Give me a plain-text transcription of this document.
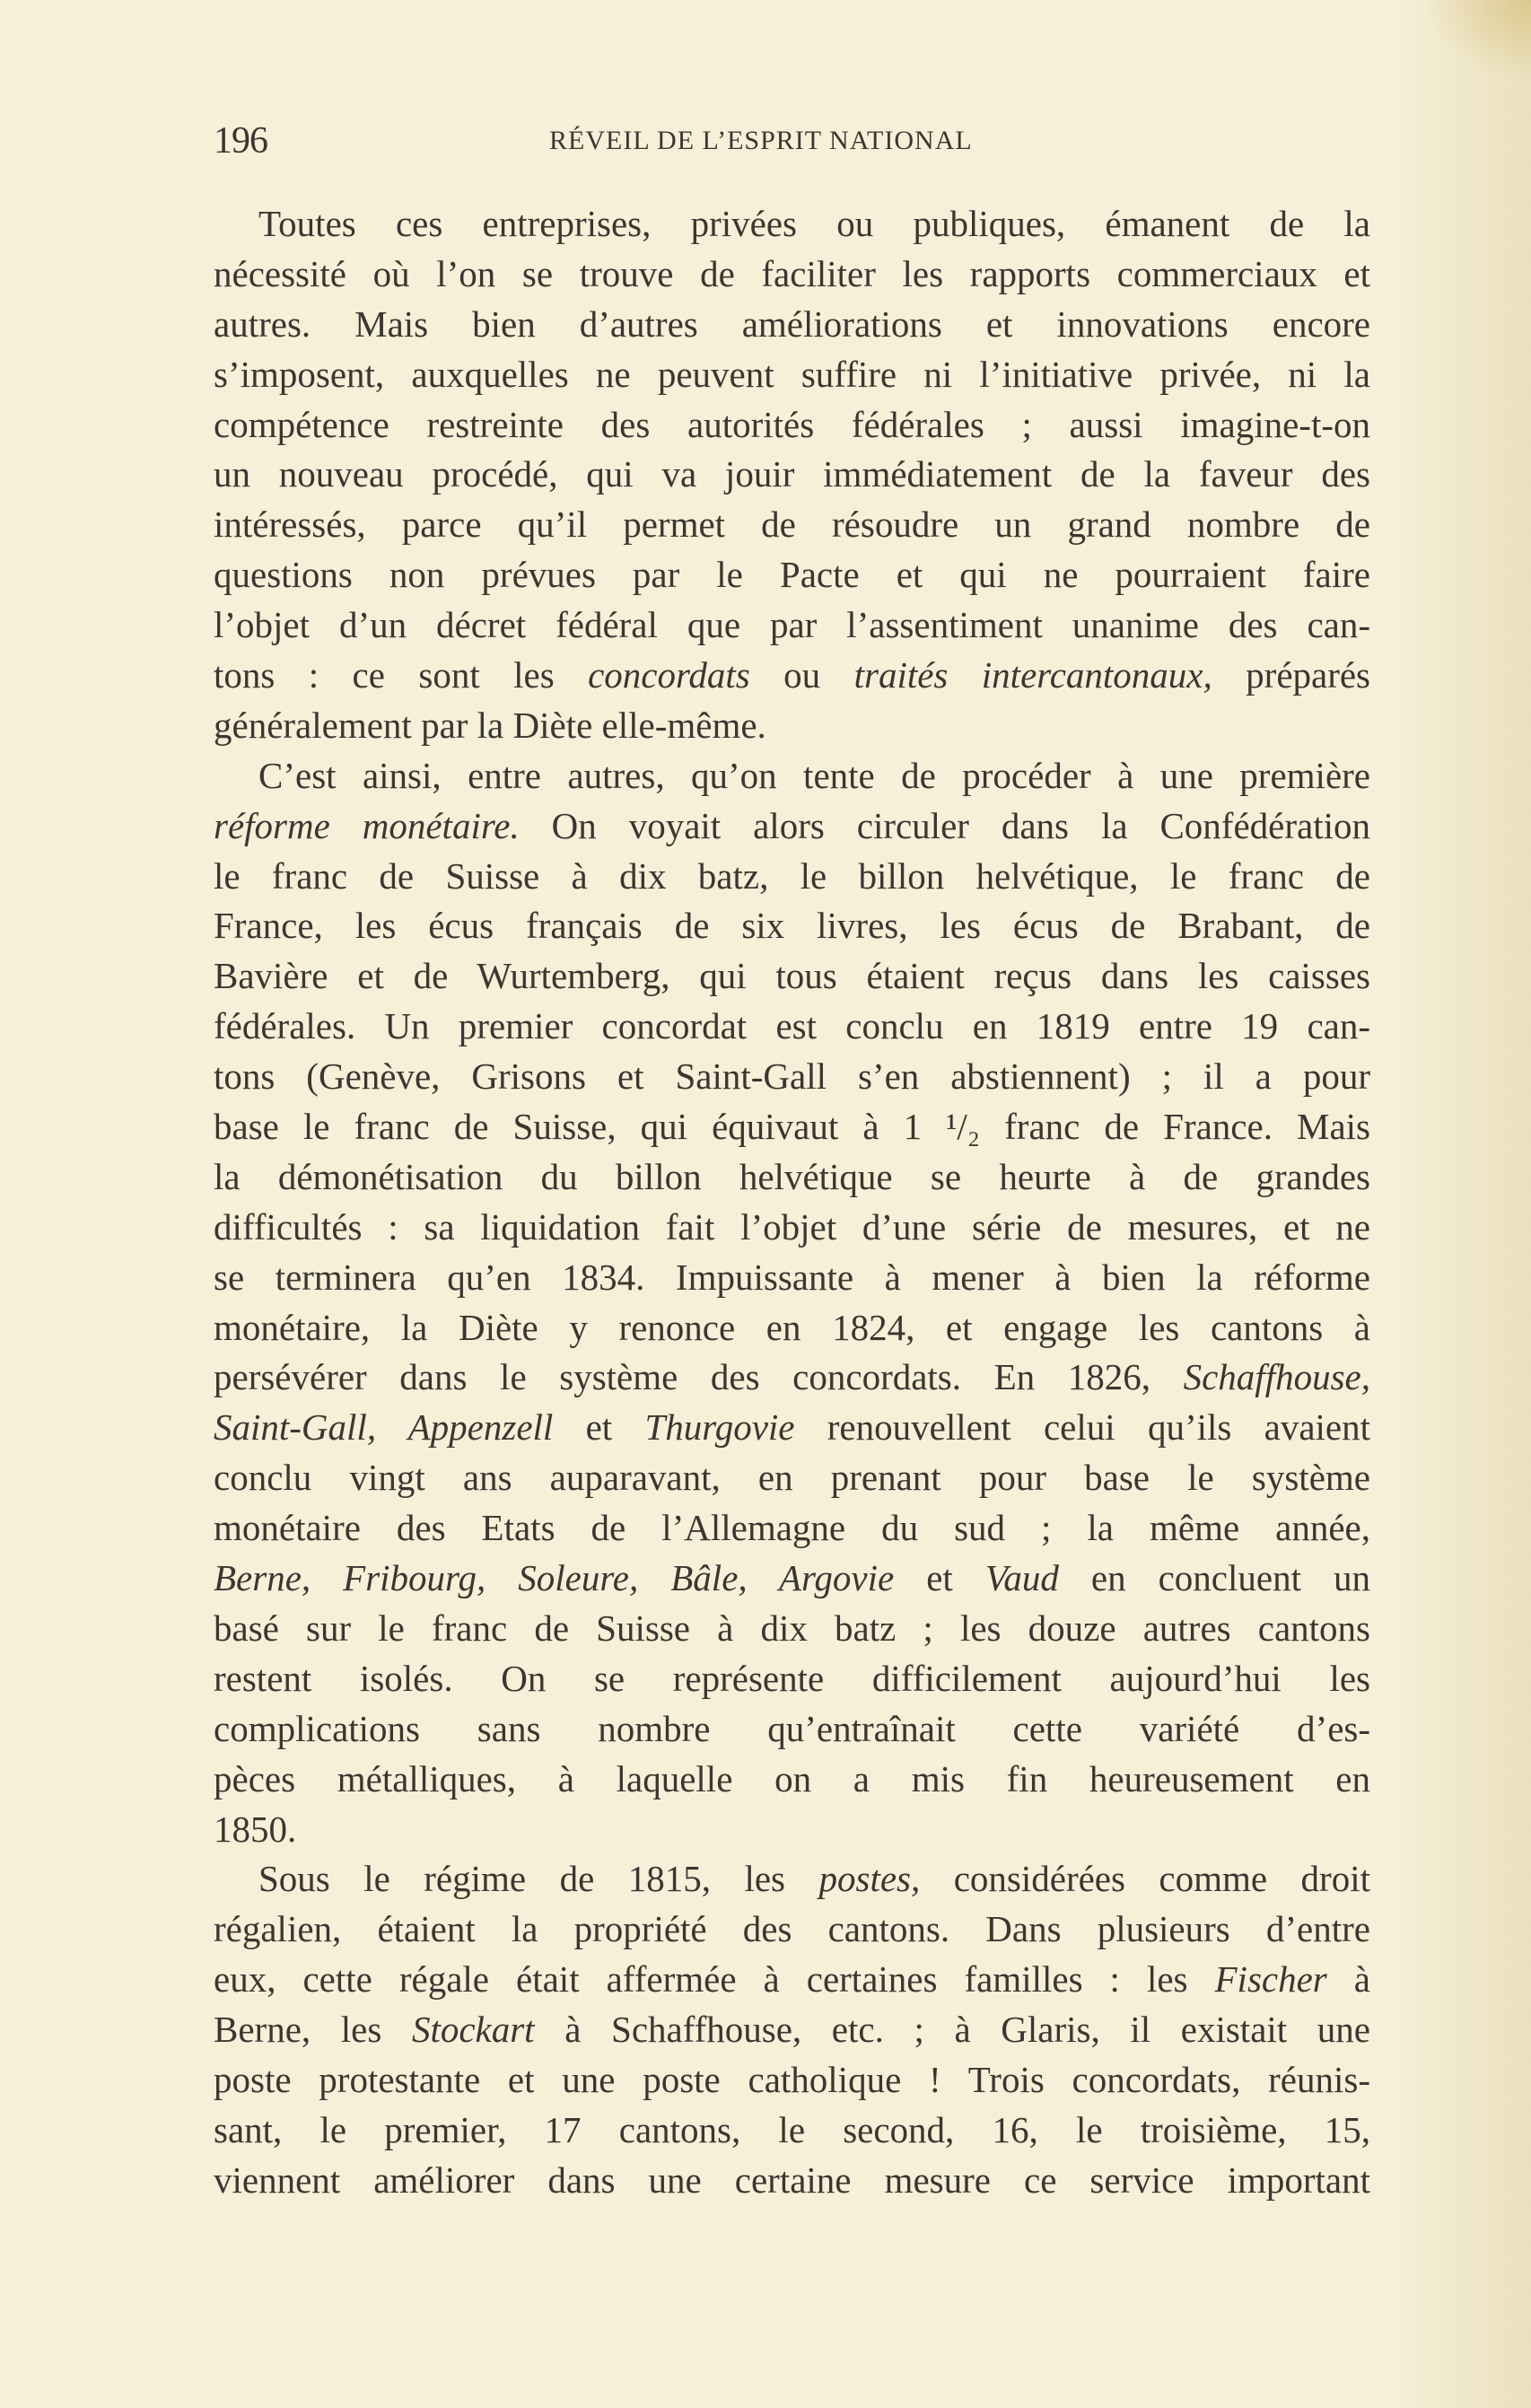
196	RÉVEIL DE L’ESPRIT NATIONAL
Toutes ces entreprises, privées ou publiques, émanent de la
nécessité où l’on se trouve de faciliter les rapports commerciaux et
autres. Mais bien d’autres améliorations et innovations encore
s’imposent, auxquelles ne peuvent suffire ni l’initiative privée, ni la
compétence restreinte des autorités fédérales ; aussi imagine-t-on
un nouveau procédé, qui va jouir immédiatement de la faveur des
intéressés, parce qu’il permet de résoudre un grand nombre de
questions non prévues par le Pacte et qui ne pourraient faire
l’objet d’un décret fédéral que par l’assentiment unanime des can-
tons : ce sont les concordats ou traités intercantonaux, préparés
généralement par la Diète elle-même.
C’est ainsi, entre autres, qu’on tente de procéder à une première
réforme monétaire. On voyait alors circuler dans la Confédération
le franc de Suisse à dix batz, le billon helvétique, le franc de
France, les écus français de six livres, les écus de Brabant, de
Bavière et de Wurtemberg, qui tous étaient reçus dans les caisses
fédérales. Un premier concordat est conclu en 1819 entre 19 can-
tons (Genève, Grisons et Saint-Gall s’en abstiennent) ; il a pour
base le franc de Suisse, qui équivaut à 1 ¹/₂ franc de France. Mais
la démonétisation du billon helvétique se heurte à de grandes
difficultés : sa liquidation fait l’objet d’une série de mesures, et ne
se terminera qu’en 1834. Impuissante à mener à bien la réforme
monétaire, la Diète y renonce en 1824, et engage les cantons à
persévérer dans le système des concordats. En 1826, Schaffhouse,
Saint-Gall, Appenzell et Thurgovie renouvellent celui qu’ils avaient
conclu vingt ans auparavant, en prenant pour base le système
monétaire des Etats de l’Allemagne du sud ; la même année,
Berne, Fribourg, Soleure, Bâle, Argovie et Vaud en concluent un
basé sur le franc de Suisse à dix batz ; les douze autres cantons
restent isolés. On se représente difficilement aujourd’hui les
complications sans nombre qu’entraînait cette variété d’es-
pèces métalliques, à laquelle on a mis fin heureusement en
1850.
Sous le régime de 1815, les postes, considérées comme droit
régalien, étaient la propriété des cantons. Dans plusieurs d’entre
eux, cette régale était affermée à certaines familles : les Fischer à
Berne, les Stockart à Schaffhouse, etc. ; à Glaris, il existait une
poste protestante et une poste catholique ! Trois concordats, réunis-
sant, le premier, 17 cantons, le second, 16, le troisième, 15,
viennent améliorer dans une certaine mesure ce service important
